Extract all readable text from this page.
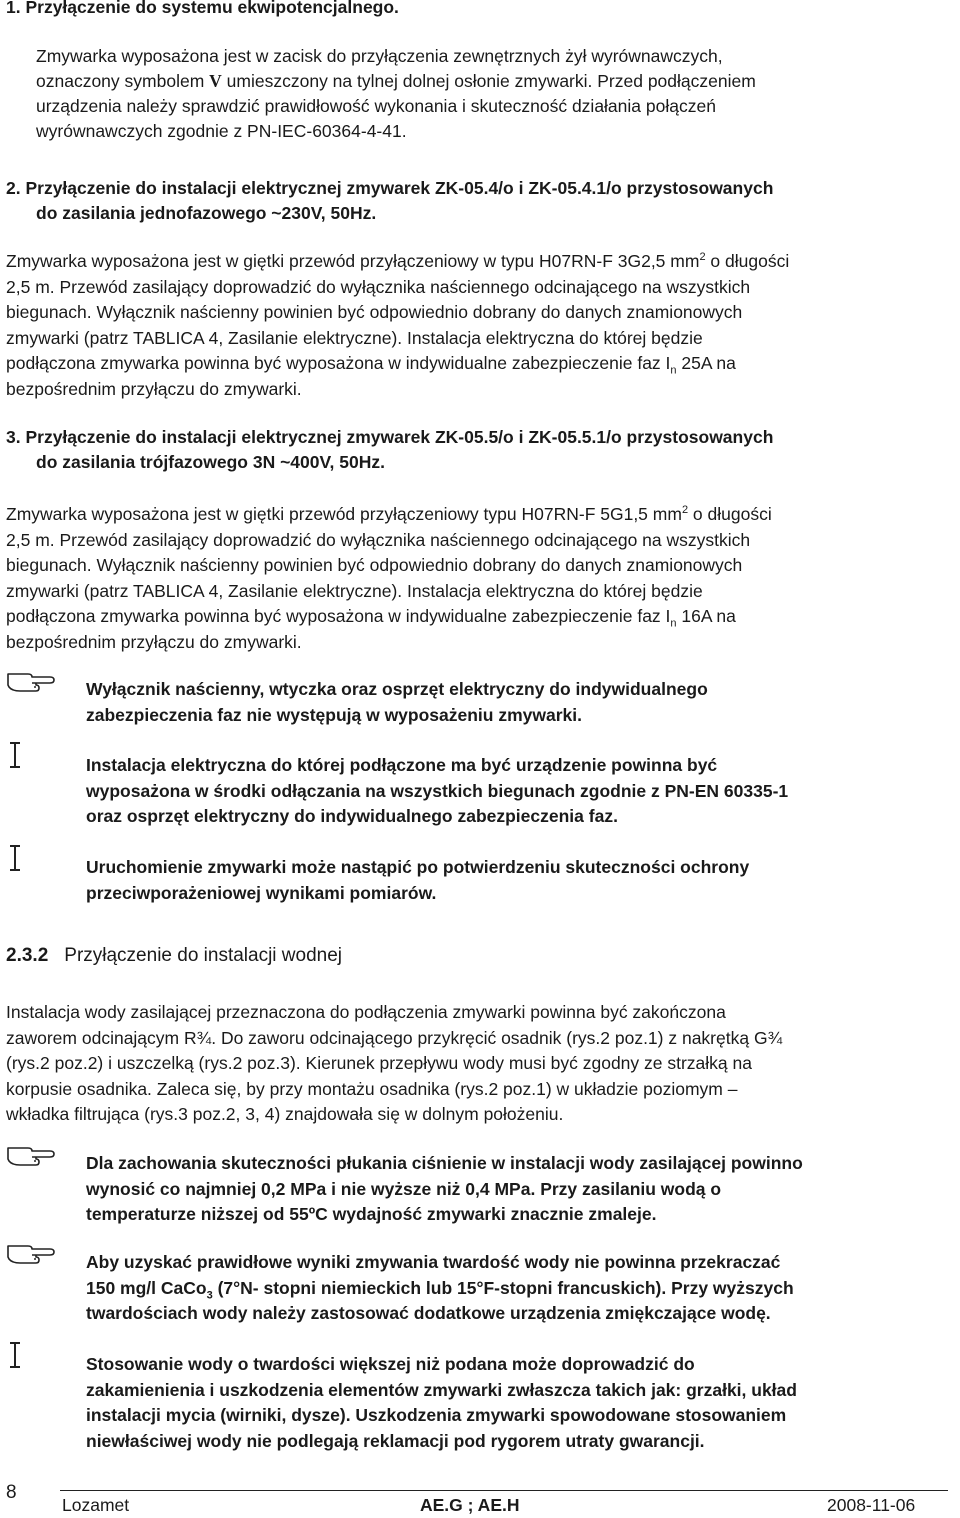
1. Przyłączenie do systemu ekwipotencjalnego.
Zmywarka wyposażona jest w zacisk do przyłączenia zewnętrznych żył wyrównawczych,
oznaczony symbolem V umieszczony na tylnej dolnej osłonie zmywarki. Przed podłączeniem
urządzenia należy sprawdzić prawidłowość wykonania i skuteczność działania połączeń
wyrównawczych zgodnie z PN-IEC-60364-4-41.
2. Przyłączenie do instalacji elektrycznej zmywarek ZK-05.4/o i ZK-05.4.1/o przystosowanych
do zasilania jednofazowego ~230V, 50Hz.
Zmywarka wyposażona jest w giętki przewód przyłączeniowy w typu H07RN-F 3G2,5 $mm^2$ o długości
2,5 m. Przewód zasilający doprowadzić do wyłącznika naściennego odcinającego na wszystkich
biegunach. Wyłącznik naścienny powinien być odpowiednio dobrany do danych znamionowych
zmywarki (patrz TABLICA 4, Zasilanie elektryczne). Instalacja elektryczna do której będzie
podłączona zmywarka powinna być wyposażona w indywidualne zabezpieczenie faz $I_n$ 25A na
bezpośrednim przyłączu do zmywarki.
3. Przyłączenie do instalacji elektrycznej zmywarek ZK-05.5/o i ZK-05.5.1/o przystosowanych
do zasilania trójfazowego 3N ~400V, 50Hz.
Zmywarka wyposażona jest w giętki przewód przyłączeniowy typu H07RN-F 5G1,5 $mm^2$ o długości
2,5 m. Przewód zasilający doprowadzić do wyłącznika naściennego odcinającego na wszystkich
biegunach. Wyłącznik naścienny powinien być odpowiednio dobrany do danych znamionowych
zmywarki (patrz TABLICA 4, Zasilanie elektryczne). Instalacja elektryczna do której będzie
podłączona zmywarka powinna być wyposażona w indywidualne zabezpieczenie faz $I_n$ 16A na
bezpośrednim przyłączu do zmywarki.
Wyłącznik naścienny, wtyczka oraz osprzęt elektryczny do indywidualnego
zabezpieczenia faz nie występują w wyposażeniu zmywarki.
Instalacja elektryczna do której podłączone ma być urządzenie powinna być
wyposażona w środki odłączania na wszystkich biegunach zgodnie z PN-EN 60335-1
oraz osprzęt elektryczny do indywidualnego zabezpieczenia faz.
Uruchomienie zmywarki może nastąpić po potwierdzeniu skuteczności ochrony
przeciwporażeniowej wynikami pomiarów.
2.3.2 Przyłączenie do instalacji wodnej
Instalacja wody zasilającej przeznaczona do podłączenia zmywarki powinna być zakończona
zaworem odcinającym R¾. Do zaworu odcinającego przykręcić osadnik (rys.2 poz.1) z nakrętką G¾
(rys.2 poz.2) i uszczelką (rys.2 poz.3). Kierunek przepływu wody musi być zgodny ze strzałką na
korpusie osadnika. Zaleca się, by przy montażu osadnika (rys.2 poz.1) w układzie poziomym –
wkładka filtrująca (rys.3 poz.2, 3, 4) znajdowała się w dolnym położeniu.
Dla zachowania skuteczności płukania ciśnienie w instalacji wody zasilającej powinno
wynosić co najmniej 0,2 MPa i nie wyższe niż 0,4 MPa. Przy zasilaniu wodą o
temperaturze niższej od 55ºC wydajność zmywarki znacznie zmaleje.
Aby uzyskać prawidłowe wyniki zmywania twardość wody nie powinna przekraczać
150 mg/l CaCo$_3$ (7°N- stopni niemieckich lub 15°F-stopni francuskich). Przy wyższych
twardościach wody należy zastosować dodatkowe urządzenia zmiękczające wodę.
Stosowanie wody o twardości większej niż podana może doprowadzić do
zakamienienia i uszkodzenia elementów zmywarki zwłaszcza takich jak: grzałki, układ
instalacji mycia (wirniki, dysze). Uszkodzenia zmywarki spowodowane stosowaniem
niewłaściwej wody nie podlegają reklamacji pod rygorem utraty gwarancji.
8
Lozamet	AE.G ; AE.H	2008-11-06
